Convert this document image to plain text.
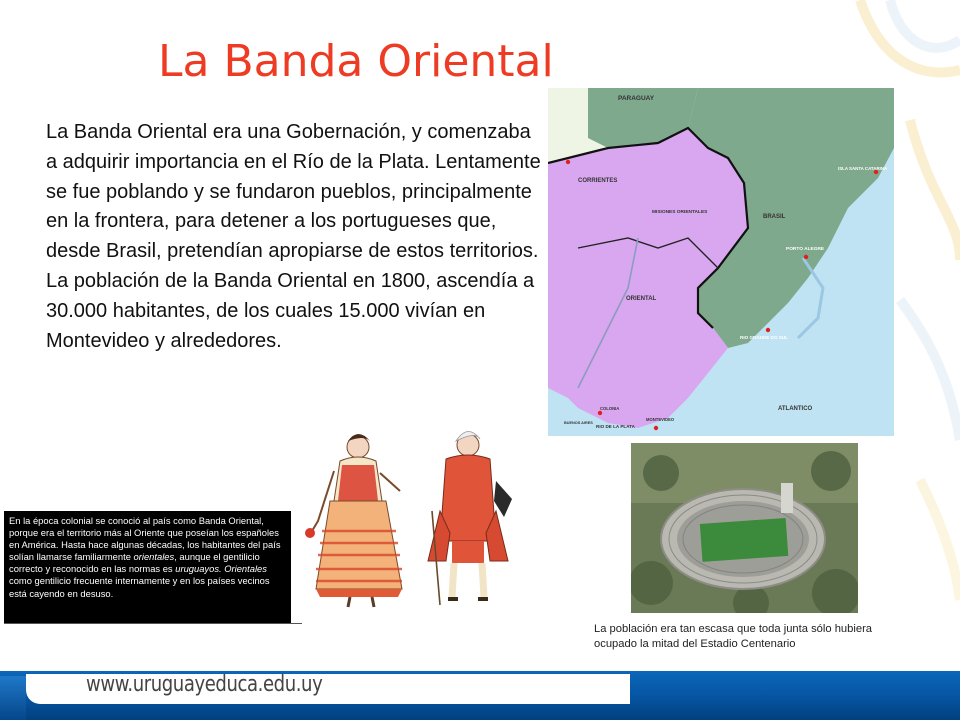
La Banda Oriental

La Banda Oriental era una Gobernación, y comenzaba a adquirir importancia en el Río de la Plata. Lentamente se fue poblando y se fundaron pueblos, principalmente en la frontera, para detener a los portugueses que, desde Brasil, pretendían apropiarse de estos territorios.

La población de la Banda Oriental en 1800, ascendía a 30.000 habitantes, de los cuales 15.000 vivían en Montevideo y alrededores.

PARAGUAY
CORRIENTES
MISIONES ORIENTALES
ISLA SANTA CATARINA
BRASIL
PORTO ALEGRE
ORIENTAL
RIO GRANDE DO SUL
ATLANTICO
COLONIA
BUENOS AIRES
MONTEVIDEO
RIO DE LA PLATA
En la época colonial se conoció al país como Banda Oriental, porque era el territorio más al Oriente que poseían los españoles en América. Hasta hace algunas décadas, los habitantes del país solían llamarse familiarmente orientales, aunque el gentilicio correcto y reconocido en las normas es uruguayos. Orientales como gentilicio frecuente internamente y en los países vecinos está cayendo en desuso.
La población era tan escasa que toda junta sólo hubiera ocupado la mitad del Estadio Centenario
www.uruguayeduca.edu.uy
